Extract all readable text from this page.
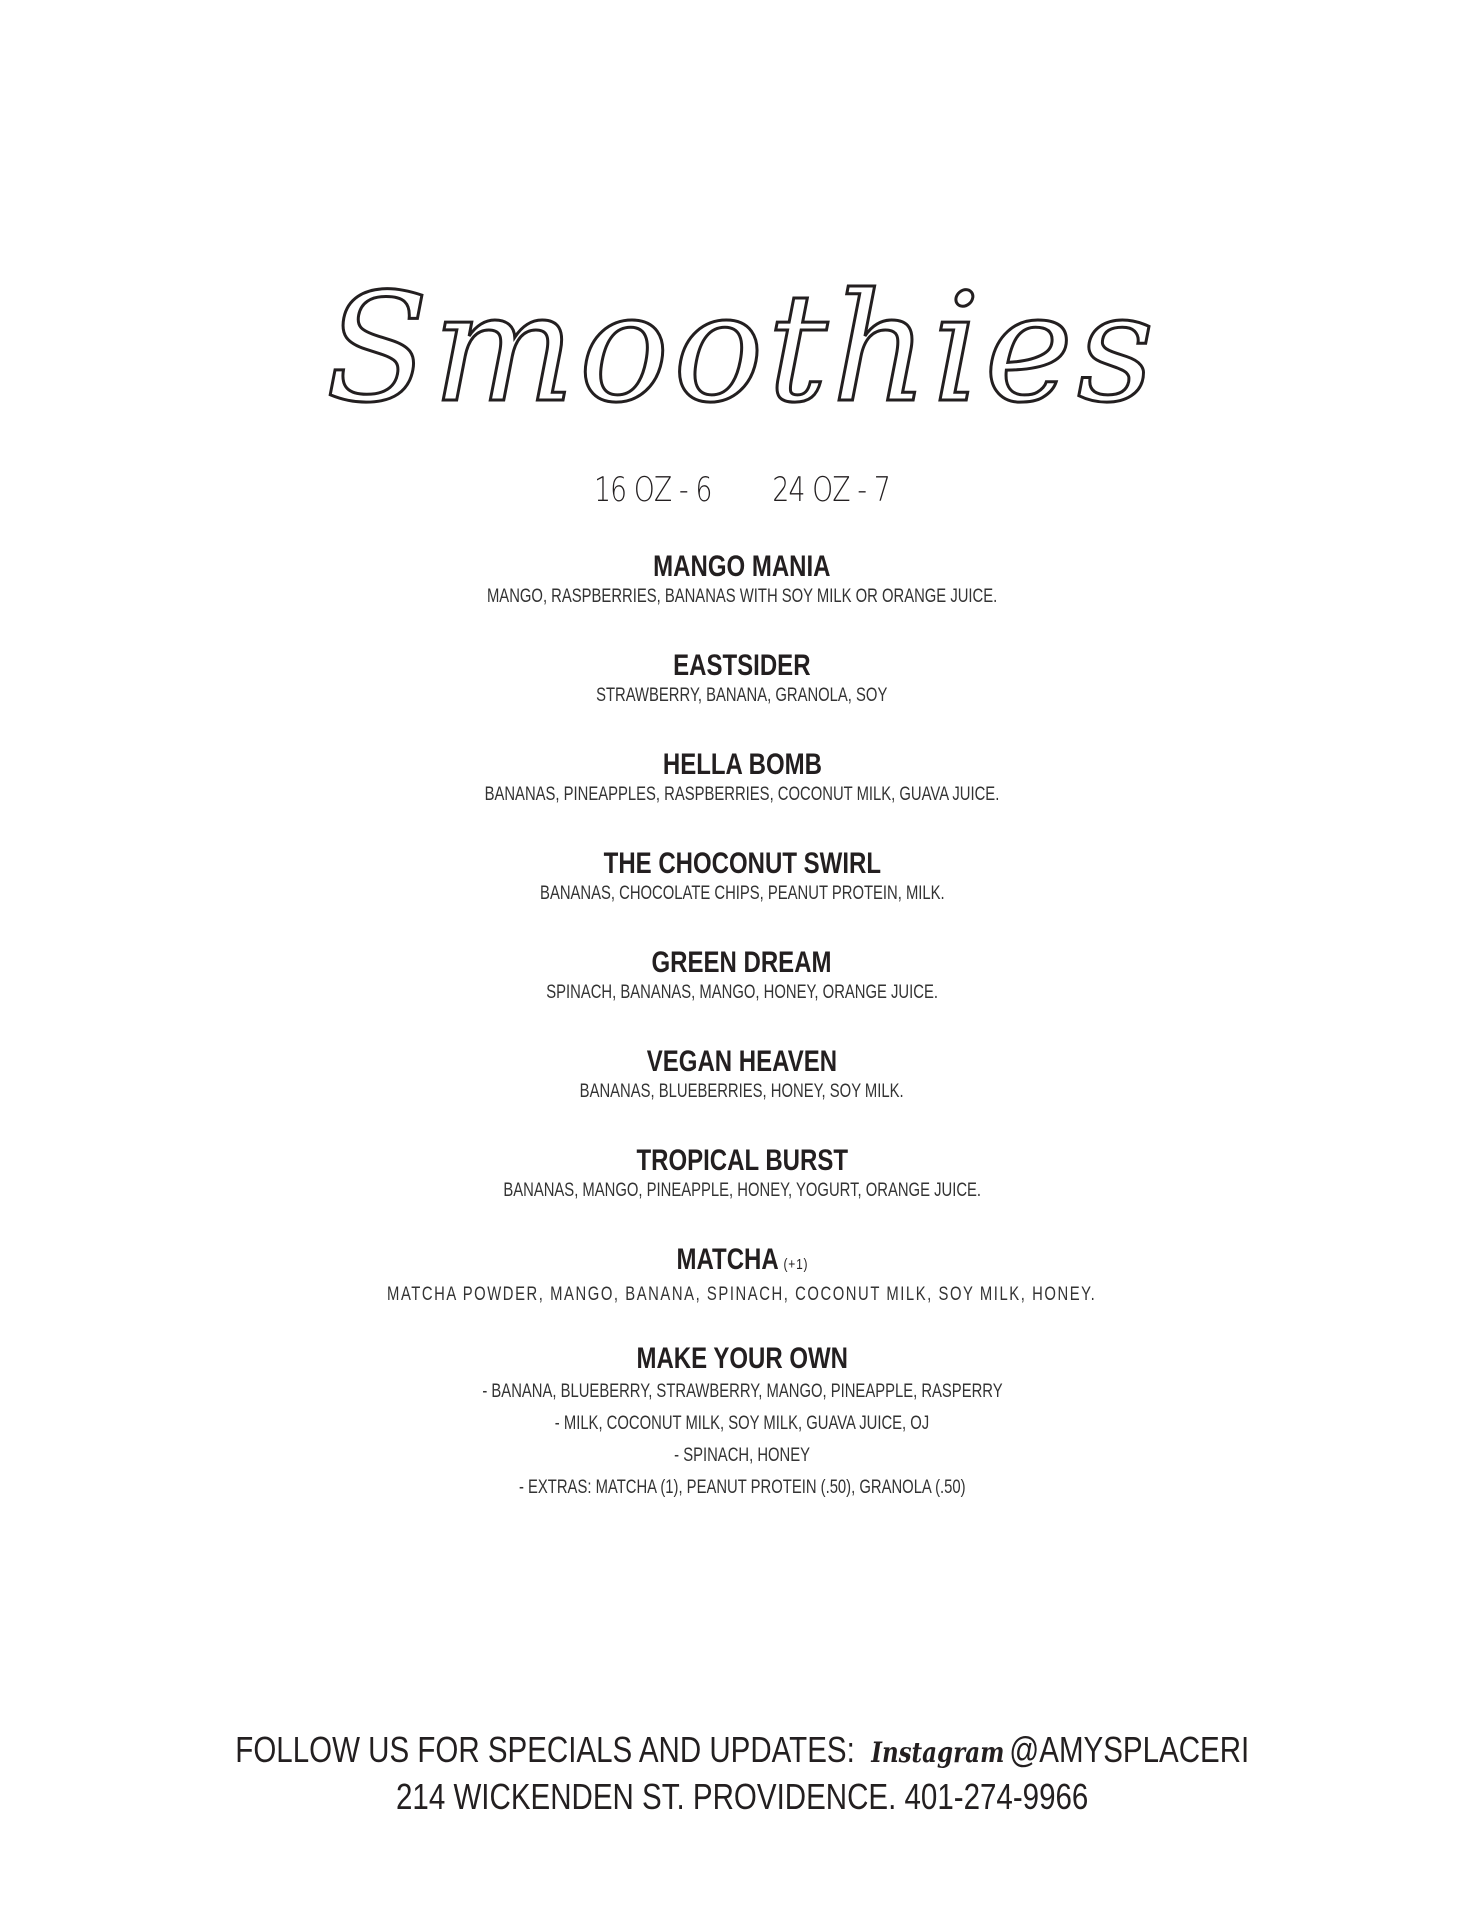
Smoothies
16 OZ - 6 24 OZ - 7
MANGO MANIA
MANGO, RASPBERRIES, BANANAS WITH SOY MILK OR ORANGE JUICE.
EASTSIDER
STRAWBERRY, BANANA, GRANOLA, SOY
HELLA BOMB
BANANAS, PINEAPPLES, RASPBERRIES, COCONUT MILK, GUAVA JUICE.
THE CHOCONUT SWIRL
BANANAS, CHOCOLATE CHIPS, PEANUT PROTEIN, MILK.
GREEN DREAM
SPINACH, BANANAS, MANGO, HONEY, ORANGE JUICE.
VEGAN HEAVEN
BANANAS, BLUEBERRIES, HONEY, SOY MILK.
TROPICAL BURST
BANANAS, MANGO, PINEAPPLE, HONEY, YOGURT, ORANGE JUICE.
MATCHA (+1)
MATCHA POWDER, MANGO, BANANA, SPINACH, COCONUT MILK, SOY MILK, HONEY.
MAKE YOUR OWN
- BANANA, BLUEBERRY, STRAWBERRY, MANGO, PINEAPPLE, RASPERRY
- MILK, COCONUT MILK, SOY MILK, GUAVA JUICE, OJ
- SPINACH, HONEY
- EXTRAS: MATCHA (1), PEANUT PROTEIN (.50), GRANOLA (.50)
FOLLOW US FOR SPECIALS AND UPDATES: Instagram @AMYSPLACERI
214 WICKENDEN ST. PROVIDENCE. 401-274-9966
